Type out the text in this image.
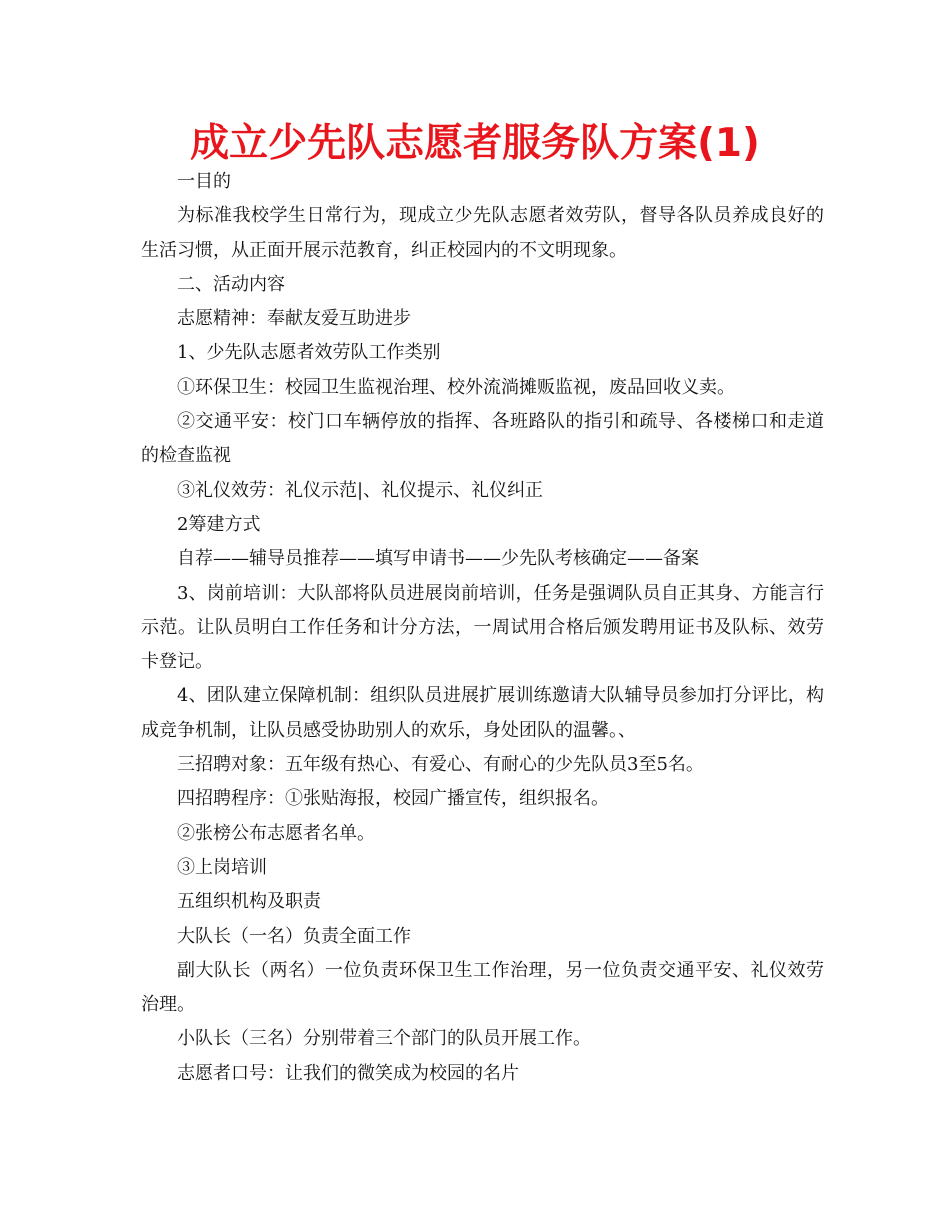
成立少先队志愿者服务队方案(1)

一目的

为标准我校学生日常行为，现成立少先队志愿者效劳队，督导各队员养成良好的生活习惯，从正面开展示范教育，纠正校园内的不文明现象。

二、活动内容

志愿精神：奉献友爱互助进步

1、少先队志愿者效劳队工作类别

①环保卫生：校园卫生监视治理、校外流淌摊贩监视，废品回收义卖。

②交通平安：校门口车辆停放的指挥、各班路队的指引和疏导、各楼梯口和走道的检查监视

③礼仪效劳：礼仪示范|、礼仪提示、礼仪纠正

2筹建方式

自荐——辅导员推荐——填写申请书——少先队考核确定——备案

3、岗前培训：大队部将队员进展岗前培训，任务是强调队员自正其身、方能言行示范。让队员明白工作任务和计分方法，一周试用合格后颁发聘用证书及队标、效劳卡登记。

4、团队建立保障机制：组织队员进展扩展训练邀请大队辅导员参加打分评比，构成竞争机制，让队员感受协助别人的欢乐，身处团队的温馨。、

三招聘对象：五年级有热心、有爱心、有耐心的少先队员3至5名。

四招聘程序：①张贴海报，校园广播宣传，组织报名。

②张榜公布志愿者名单。

③上岗培训

五组织机构及职责

大队长（一名）负责全面工作

副大队长（两名）一位负责环保卫生工作治理，另一位负责交通平安、礼仪效劳治理。

小队长（三名）分别带着三个部门的队员开展工作。

志愿者口号：让我们的微笑成为校园的名片
